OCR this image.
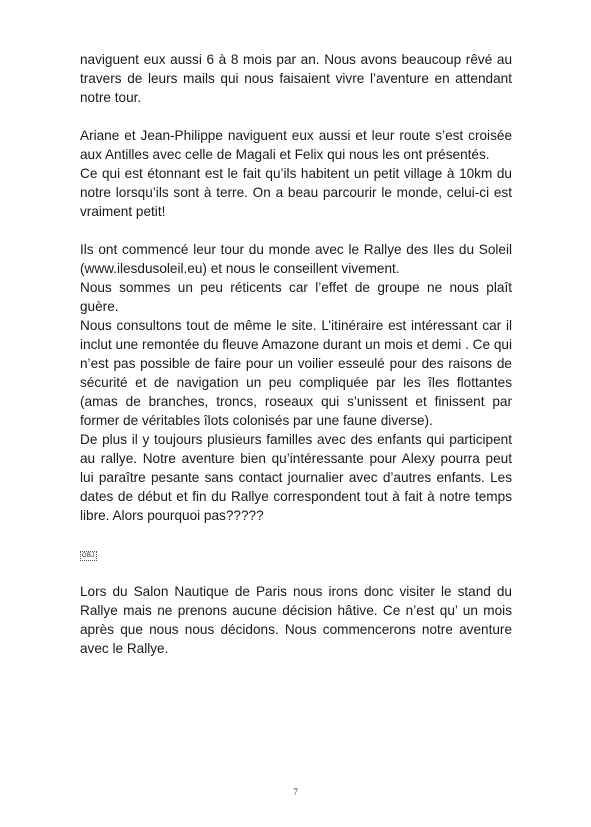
naviguent eux aussi 6 à 8 mois par an. Nous avons beaucoup rêvé au travers de leurs mails qui nous faisaient vivre l’aventure en attendant notre tour.

Ariane et Jean-Philippe naviguent eux aussi et leur route s’est croisée aux Antilles avec celle de Magali et Felix qui nous les ont présentés.

Ce qui est étonnant est le fait qu’ils habitent un petit village à 10km du notre lorsqu’ils sont à terre. On a beau parcourir le monde, celui-ci est vraiment petit!

Ils ont commencé leur tour du monde avec le Rallye des Iles du Soleil (www.ilesdusoleil.eu) et nous le conseillent vivement.

Nous sommes un peu réticents car l’effet de groupe ne nous plaît guère.

Nous consultons tout de même le site. L’itinéraire est intéressant car il inclut une remontée du fleuve Amazone durant un mois et demi . Ce qui n’est pas possible de faire pour un voilier esseulé pour des raisons de sécurité et de navigation un peu compliquée par les îles flottantes (amas de branches, troncs, roseaux qui s’unissent et finissent par former de véritables îlots colonisés par une faune diverse).

De plus il y toujours plusieurs familles avec des enfants qui participent au rallye. Notre aventure bien qu’intéressante pour Alexy pourra peut lui paraître pesante sans contact journalier avec d’autres enfants. Les dates de début et fin du Rallye correspondent tout à fait à notre temps libre. Alors pourquoi pas?????

OBJ

Lors du Salon Nautique de Paris nous irons donc visiter le stand du Rallye mais ne prenons aucune décision hâtive. Ce n’est qu’ un mois après que nous nous décidons. Nous commencerons notre aventure avec le Rallye.

7
